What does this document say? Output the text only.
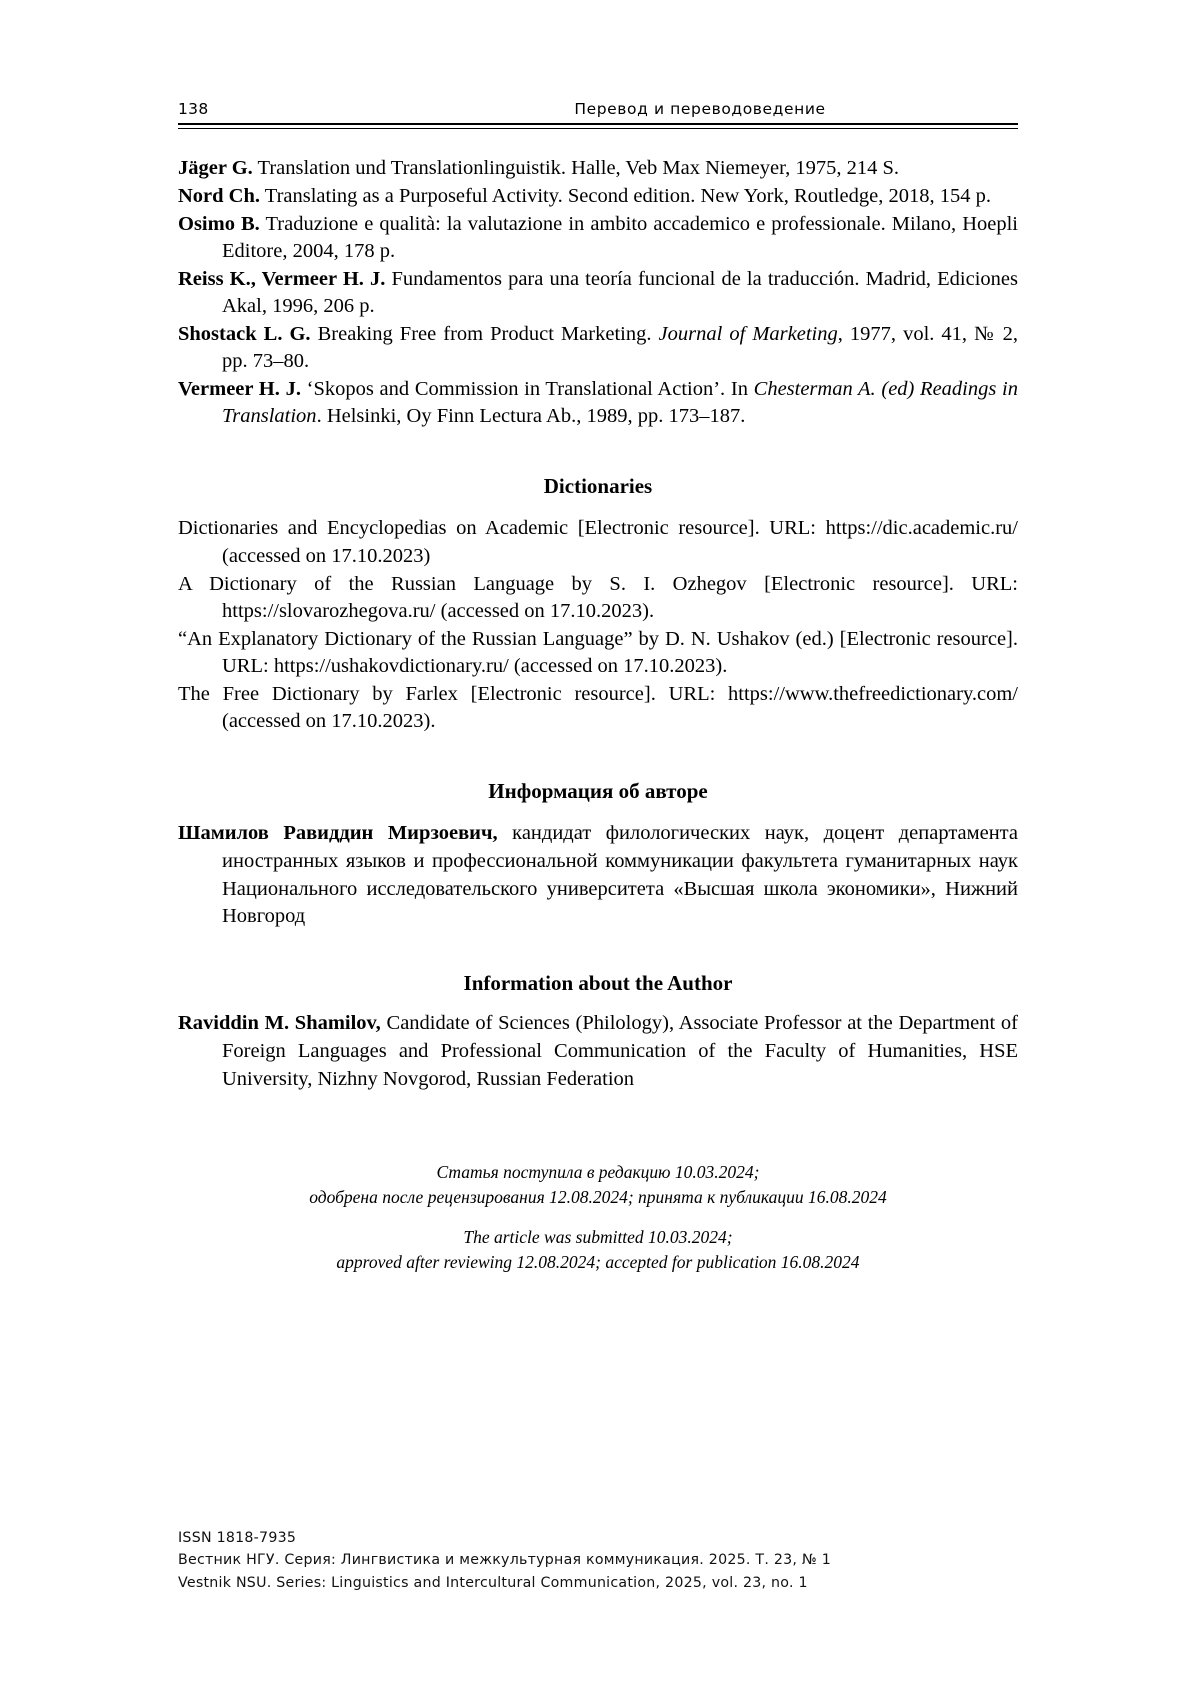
138	Перевод и переводоведение
Jäger G. Translation und Translationlinguistik. Halle, Veb Max Niemeyer, 1975, 214 S.
Nord Ch. Translating as a Purposeful Activity. Second edition. New York, Routledge, 2018, 154 p.
Osimo B. Traduzione e qualità: la valutazione in ambito accademico e professionale. Milano, Hoepli Editore, 2004, 178 p.
Reiss K., Vermeer H. J. Fundamentos para una teoría funcional de la traducción. Madrid, Ediciones Akal, 1996, 206 p.
Shostack L. G. Breaking Free from Product Marketing. Journal of Marketing, 1977, vol. 41, № 2, pp. 73–80.
Vermeer H. J. ‘Skopos and Commission in Translational Action’. In Chesterman A. (ed) Readings in Translation. Helsinki, Oy Finn Lectura Ab., 1989, pp. 173–187.
Dictionaries
Dictionaries and Encyclopedias on Academic [Electronic resource]. URL: https://dic.academic.ru/ (accessed on 17.10.2023)
A Dictionary of the Russian Language by S. I. Ozhegov [Electronic resource]. URL: https://slovarozhegova.ru/ (accessed on 17.10.2023).
“An Explanatory Dictionary of the Russian Language” by D. N. Ushakov (ed.) [Electronic resource]. URL: https://ushakovdictionary.ru/ (accessed on 17.10.2023).
The Free Dictionary by Farlex [Electronic resource]. URL: https://www.thefreedictionary.com/ (accessed on 17.10.2023).
Информация об авторе
Шамилов Равиддин Мирзоевич, кандидат филологических наук, доцент департамента иностранных языков и профессиональной коммуникации факультета гуманитарных наук Национального исследовательского университета «Высшая школа экономики», Нижний Новгород
Information about the Author
Raviddin M. Shamilov, Candidate of Sciences (Philology), Associate Professor at the Department of Foreign Languages and Professional Communication of the Faculty of Humanities, HSE University, Nizhny Novgorod, Russian Federation
Статья поступила в редакцию 10.03.2024;
одобрена после рецензирования 12.08.2024; принята к публикации 16.08.2024
The article was submitted 10.03.2024;
approved after reviewing 12.08.2024; accepted for publication 16.08.2024
ISSN 1818-7935
Вестник НГУ. Серия: Лингвистика и межкультурная коммуникация. 2025. Т. 23, № 1
Vestnik NSU. Series: Linguistics and Intercultural Communication, 2025, vol. 23, no. 1
